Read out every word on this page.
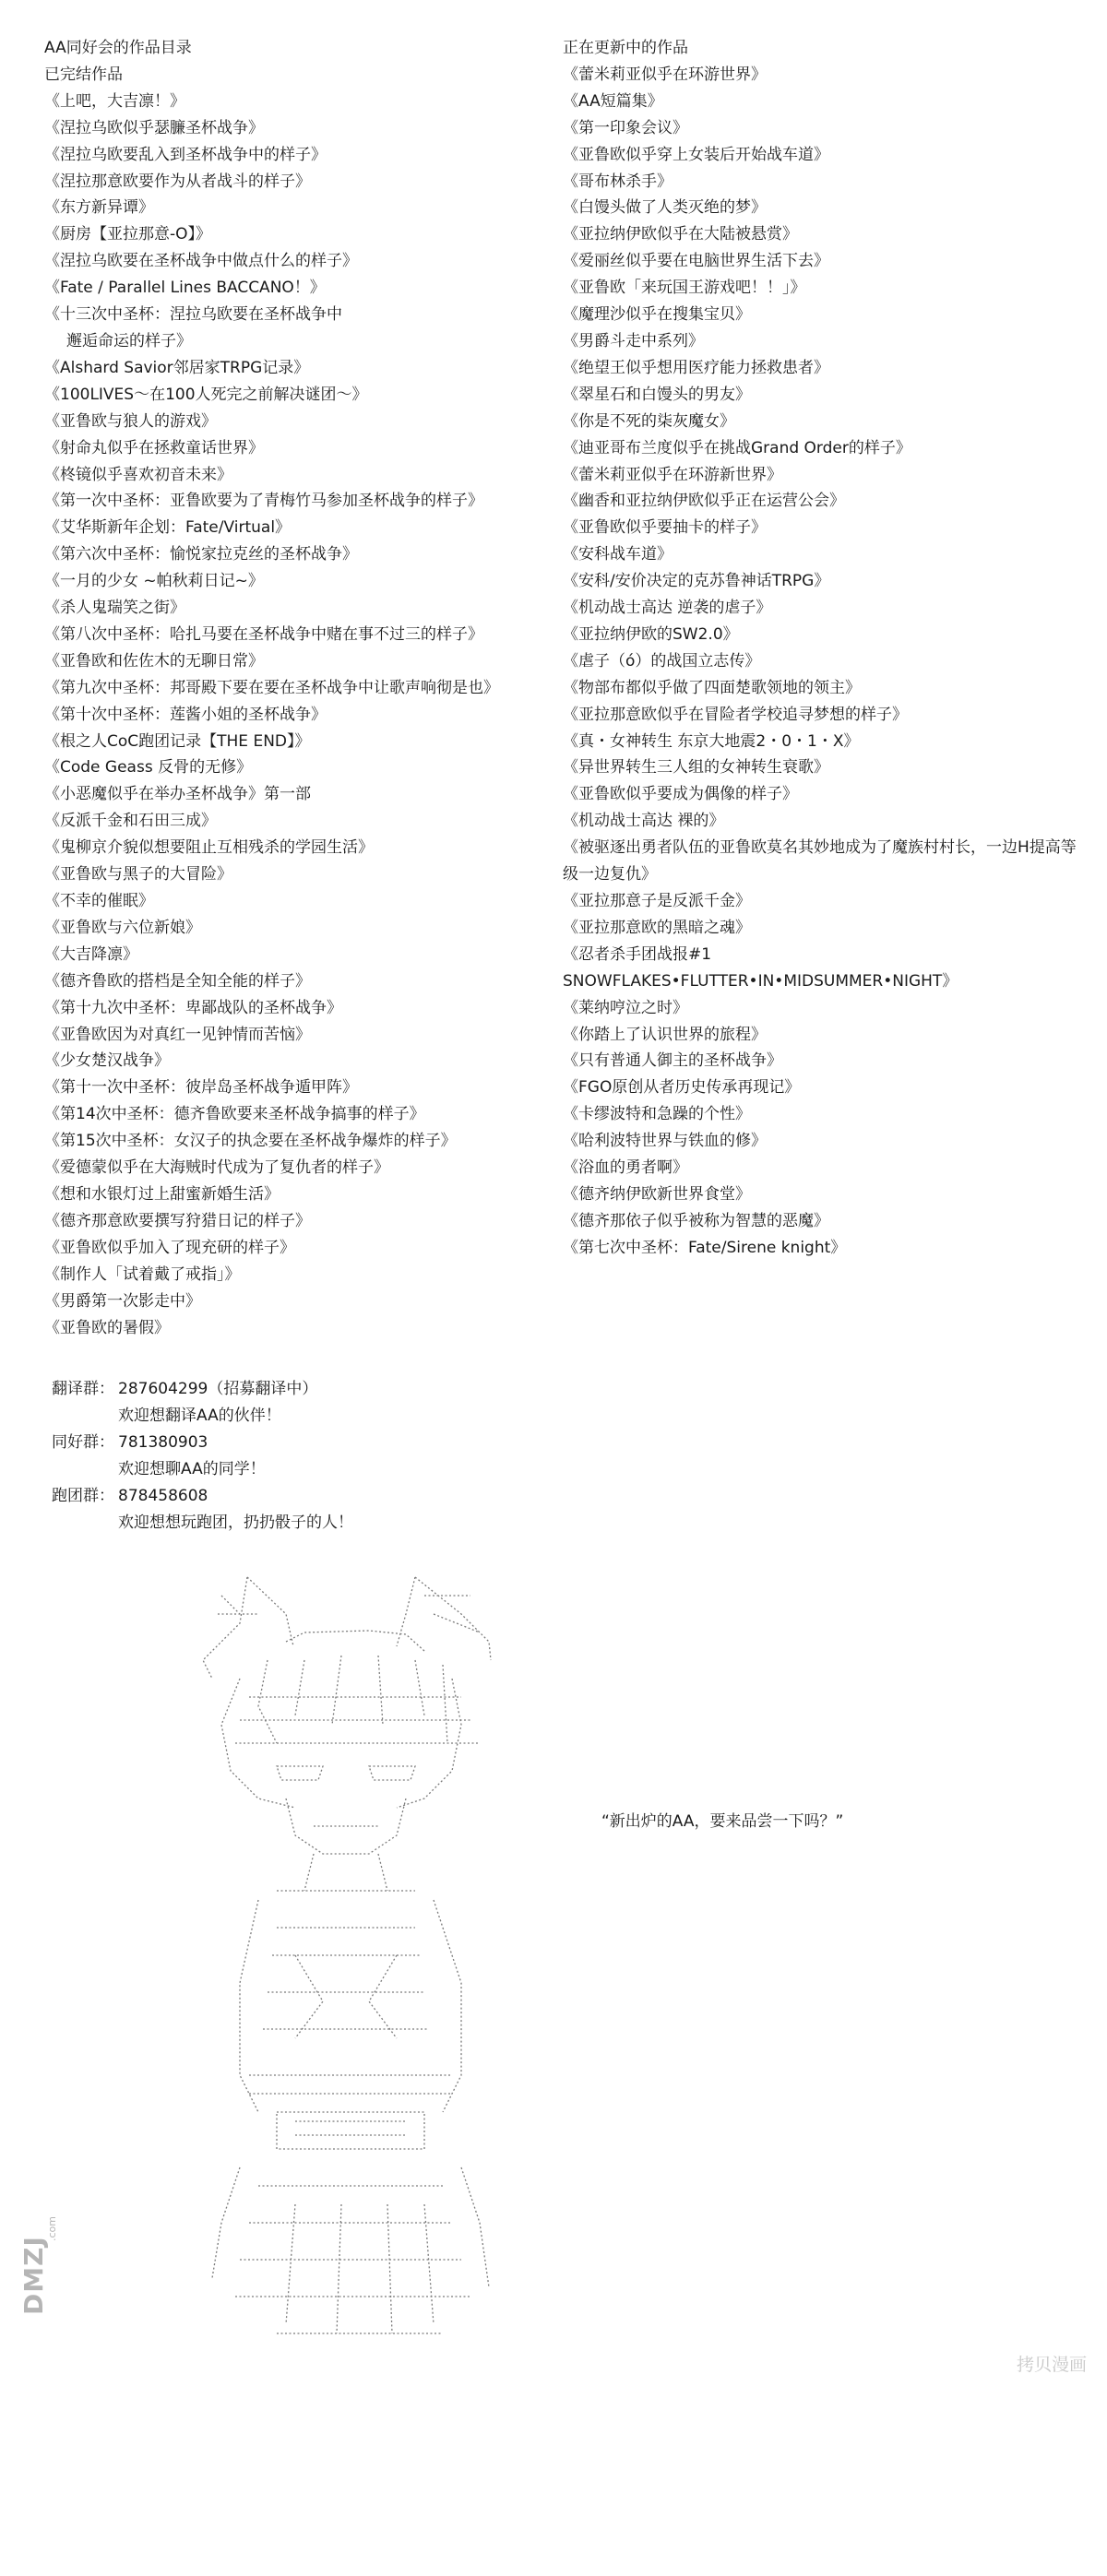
AA同好会的作品目录
已完结作品
《上吧，大吉凛！》
《涅拉乌欧似乎瑟臁圣杯战争》
《涅拉乌欧要乱入到圣杯战争中的样子》
《涅拉那意欧要作为从者战斗的样子》
《东方新异谭》
《厨房【亚拉那意-O】》
《涅拉乌欧要在圣杯战争中做点什么的样子》
《Fate / Parallel Lines BACCANO！》
《十三次中圣杯：涅拉乌欧要在圣杯战争中
邂逅命运的样子》
《Alshard Savior邻居家TRPG记录》
《100LIVES～在100人死完之前解决谜团～》
《亚鲁欧与狼人的游戏》
《射命丸似乎在拯救童话世界》
《柊镜似乎喜欢初音未来》
《第一次中圣杯：亚鲁欧要为了青梅竹马参加圣杯战争的样子》
《艾华斯新年企划：Fate/Virtual》
《第六次中圣杯：愉悦家拉克丝的圣杯战争》
《一月的少女 ~帕秋莉日记~》
《杀人鬼瑞笑之街》
《第八次中圣杯：哈扎马要在圣杯战争中赌在事不过三的样子》
《亚鲁欧和佐佐木的无聊日常》
《第九次中圣杯：邦哥殿下要在要在圣杯战争中让歌声响彻是也》
《第十次中圣杯：莲酱小姐的圣杯战争》
《根之人CoC跑团记录【THE END】》
《Code Geass 反骨的无修》
《小恶魔似乎在举办圣杯战争》第一部
《反派千金和石田三成》
《鬼柳京介貌似想要阻止互相残杀的学园生活》
《亚鲁欧与黑子的大冒险》
《不幸的催眠》
《亚鲁欧与六位新娘》
《大吉降凛》
《德齐鲁欧的搭档是全知全能的样子》
《第十九次中圣杯：卑鄙战队的圣杯战争》
《亚鲁欧因为对真红一见钟情而苦恼》
《少女楚汉战争》
《第十一次中圣杯：彼岸岛圣杯战争遁甲阵》
《第14次中圣杯：德齐鲁欧要来圣杯战争搞事的样子》
《第15次中圣杯：女汉子的执念要在圣杯战争爆炸的样子》
《爱德蒙似乎在大海贼时代成为了复仇者的样子》
《想和水银灯过上甜蜜新婚生活》
《德齐那意欧要撰写狩猎日记的样子》
《亚鲁欧似乎加入了现充研的样子》
《制作人「试着戴了戒指」》
《男爵第一次影走中》
《亚鲁欧的暑假》
正在更新中的作品
《蕾米莉亚似乎在环游世界》
《AA短篇集》
《第一印象会议》
《亚鲁欧似乎穿上女装后开始战车道》
《哥布林杀手》
《白馒头做了人类灭绝的梦》
《亚拉纳伊欧似乎在大陆被悬赏》
《爱丽丝似乎要在电脑世界生活下去》
《亚鲁欧「来玩国王游戏吧！！」》
《魔理沙似乎在搜集宝贝》
《男爵斗走中系列》
《绝望王似乎想用医疗能力拯救患者》
《翠星石和白馒头的男友》
《你是不死的柒灰魔女》
《迪亚哥布兰度似乎在挑战Grand Order的样子》
《蕾米莉亚似乎在环游新世界》
《幽香和亚拉纳伊欧似乎正在运营公会》
《亚鲁欧似乎要抽卡的样子》
《安科战车道》
《安科/安价决定的克苏鲁神话TRPG》
《机动战士高达 逆袭的虐子》
《亚拉纳伊欧的SW2.0》
《虐子（ó）的战国立志传》
《物部布都似乎做了四面楚歌领地的领主》
《亚拉那意欧似乎在冒险者学校追寻梦想的样子》
《真・女神转生 东京大地震2・0・1・X》
《异世界转生三人组的女神转生衰歌》
《亚鲁欧似乎要成为偶像的样子》
《机动战士高达 裸的》
《被驱逐出勇者队伍的亚鲁欧莫名其妙地成为了魔族村村长，一边H提高等级一边复仇》
《亚拉那意子是反派千金》
《亚拉那意欧的黑暗之魂》
《忍者杀手团战报#1 SNOWFLAKES•FLUTTER•IN•MIDSUMMER•NIGHT》
《莱纳哼泣之时》
《你踏上了认识世界的旅程》
《只有普通人御主的圣杯战争》
《FGO原创从者历史传承再现记》
《卡缪波特和急躁的个性》
《哈利波特世界与铁血的修》
《浴血的勇者啊》
《德齐纳伊欧新世界食堂》
《德齐那依子似乎被称为智慧的恶魔》
《第七次中圣杯：Fate/Sirene knight》
翻译群： 287604299（招募翻译中）
欢迎想翻译AA的伙伴！
同好群： 781380903
欢迎想聊AA的同学！
跑团群： 878458608
欢迎想想玩跑团，扔扔骰子的人！
“新出炉的AA，要来品尝一下吗？”
DMZJ
.com
拷贝漫画
